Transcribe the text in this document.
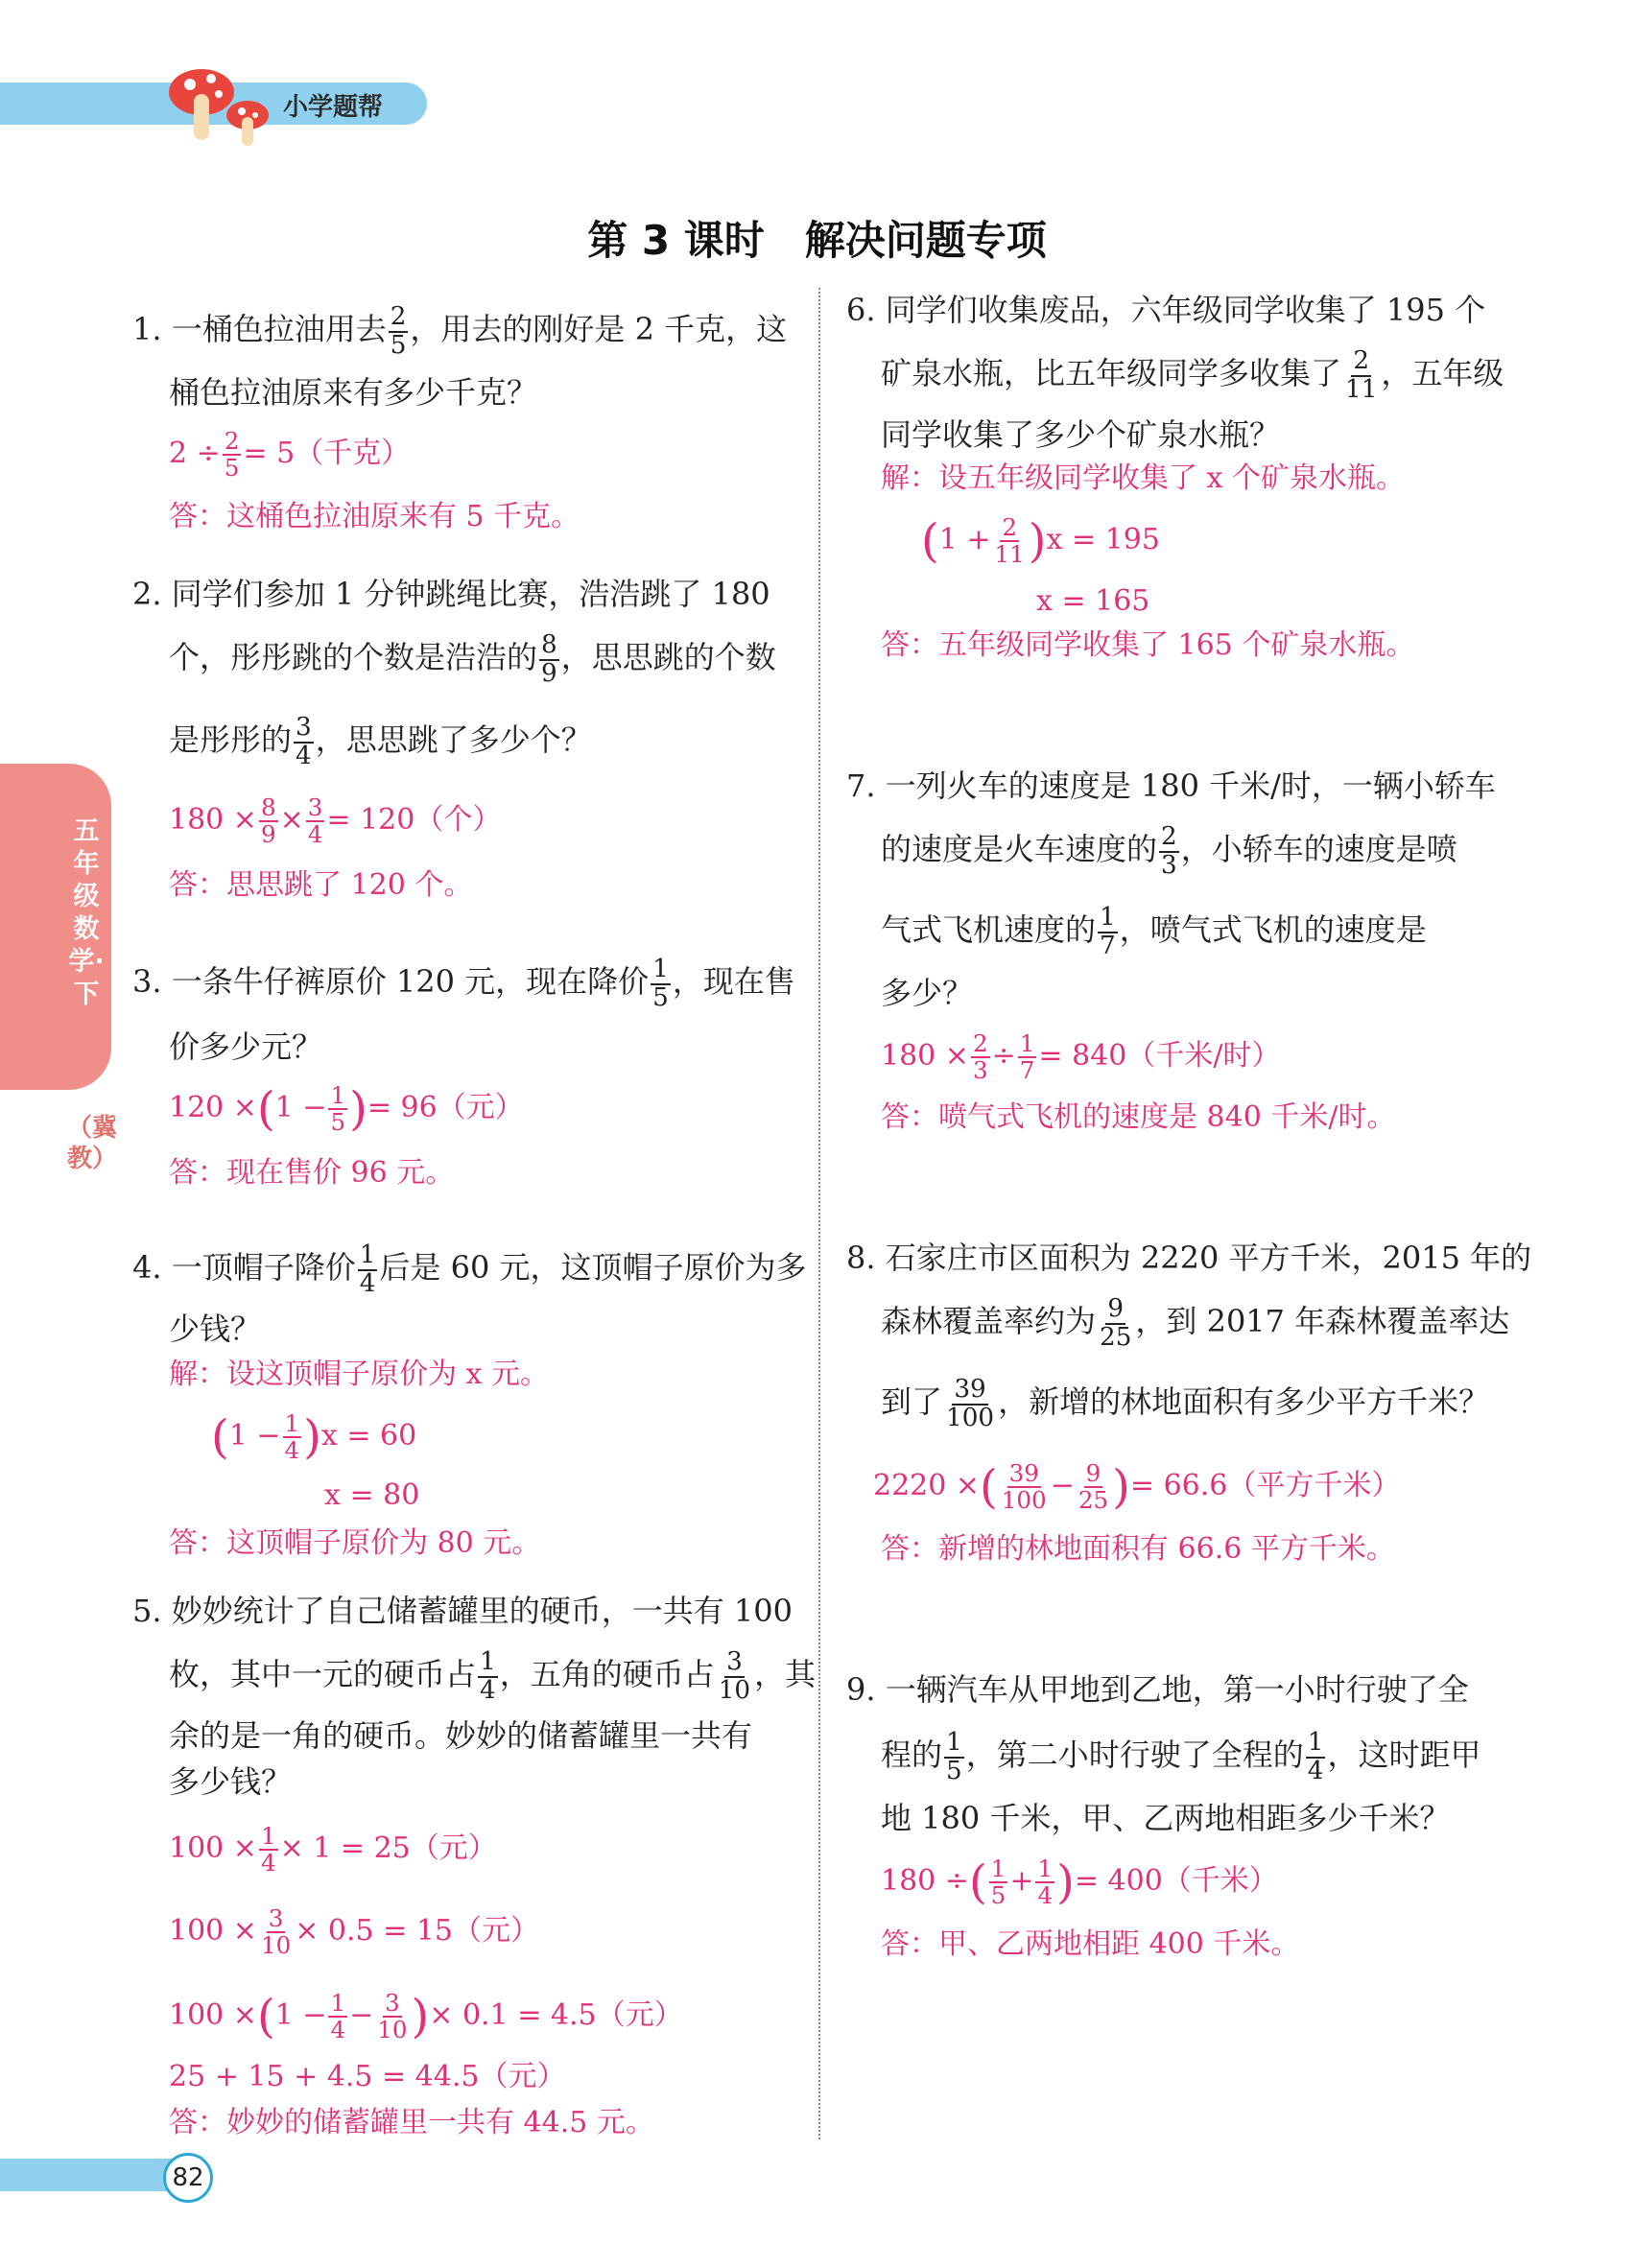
小学题帮
第 3 课时　解决问题专项
五年级数学·下
（冀教）
1. 一桶色拉油用去 $\frac{2}{5}$ ，用去的刚好是 2 千克，这
桶色拉油原来有多少千克？
$2 \div \frac{2}{5} = 5$（千克）
答：这桶色拉油原来有 5 千克。
2. 同学们参加 1 分钟跳绳比赛，浩浩跳了 180
个，彤彤跳的个数是浩浩的 $\frac{8}{9}$ ，思思跳的个数
是彤彤的 $\frac{3}{4}$ ，思思跳了多少个？
$180 \times \frac{8}{9} \times \frac{3}{4} = 120$（个）
答：思思跳了 120 个。
3. 一条牛仔裤原价 120 元，现在降价 $\frac{1}{5}$ ，现在售
价多少元？
$120 \times(1 - \frac{1}{5}$ )= 96（元）
答：现在售价 96 元。
4. 一顶帽子降价 $\frac{1}{4}$ 后是 60 元，这顶帽子原价为多
少钱？
解：设这顶帽子原价为 x 元。
$(1 - \frac{1}{4} )x = 60$
x = 80
答：这顶帽子原价为 80 元。
5. 妙妙统计了自己储蓄罐里的硬币，一共有 100
枚，其中一元的硬币占 $\frac{1}{4}$ ，五角的硬币占 $\frac{3}{10}$ ，其
余的是一角的硬币。妙妙的储蓄罐里一共有
多少钱？
$100 \times \frac{1}{4} \times 1 = 25$（元）
$100 \times \frac{3}{10} \times 0.5 = 15$（元）
$100 \times(1 - \frac{1}{4} - \frac{3}{10}$ )× 0.1 = 4.5（元）
25 + 15 + 4.5 = 44.5（元）
答：妙妙的储蓄罐里一共有 44.5 元。
6. 同学们收集废品，六年级同学收集了 195 个
矿泉水瓶，比五年级同学多收集了 $\frac{2}{11}$ ，五年级
同学收集了多少个矿泉水瓶？
解：设五年级同学收集了 x 个矿泉水瓶。
$(1 + \frac{2}{11} )x = 195$
x = 165
答：五年级同学收集了 165 个矿泉水瓶。
7. 一列火车的速度是 180 千米/时，一辆小轿车
的速度是火车速度的 $\frac{2}{3}$ ，小轿车的速度是喷
气式飞机速度的 $\frac{1}{7}$ ，喷气式飞机的速度是
多少？
$180 \times \frac{2}{3} \div \frac{1}{7} = 840$（千米/时）
答：喷气式飞机的速度是 840 千米/时。
8. 石家庄市区面积为 2220 平方千米，2015 年的
森林覆盖率约为 $\frac{9}{25}$ ，到 2017 年森林覆盖率达
到了 $\frac{39}{100}$ ，新增的林地面积有多少平方千米？
2220 ×( $\frac{39}{100} - \frac{9}{25}$ )= 66.6（平方千米）
答：新增的林地面积有 66.6 平方千米。
9. 一辆汽车从甲地到乙地，第一小时行驶了全
程的 $\frac{1}{5}$ ，第二小时行驶了全程的 $\frac{1}{4}$ ，这时距甲
地 180 千米，甲、乙两地相距多少千米？
180 ÷( $\frac{1}{5} + \frac{1}{4}$ )= 400（千米）
答：甲、乙两地相距 400 千米。
82
